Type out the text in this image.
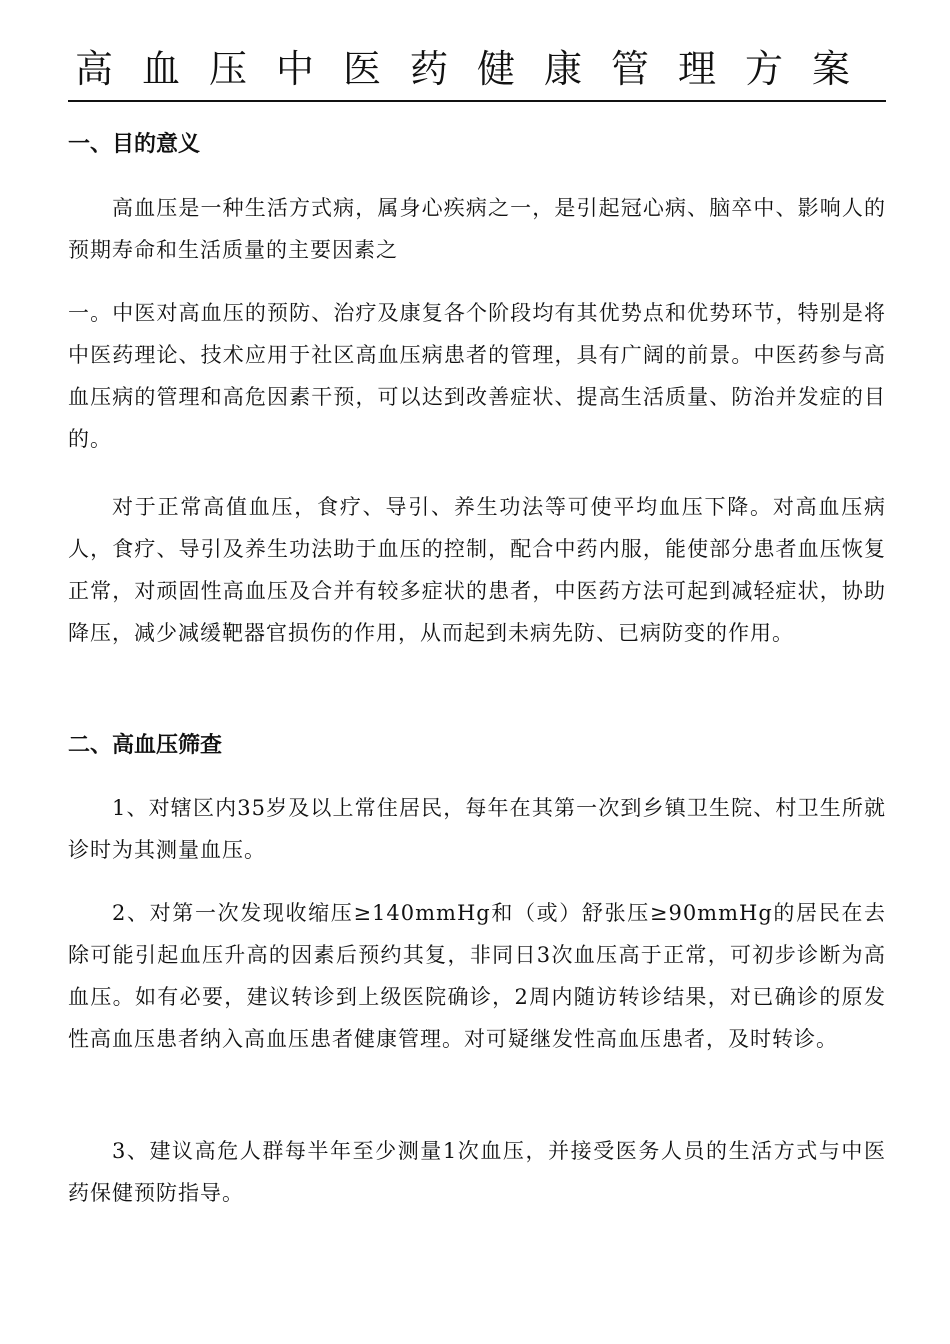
高血压中医药健康管理方案
一、目的意义
高血压是一种生活方式病，属身心疾病之一，是引起冠心病、脑卒中、影响人的预期寿命和生活质量的主要因素之
一。中医对高血压的预防、治疗及康复各个阶段均有其优势点和优势环节，特别是将中医药理论、技术应用于社区高血压病患者的管理，具有广阔的前景。中医药参与高血压病的管理和高危因素干预，可以达到改善症状、提高生活质量、防治并发症的目的。
对于正常高值血压，食疗、导引、养生功法等可使平均血压下降。对高血压病人，食疗、导引及养生功法助于血压的控制，配合中药内服，能使部分患者血压恢复正常，对顽固性高血压及合并有较多症状的患者，中医药方法可起到减轻症状，协助降压，减少减缓靶器官损伤的作用，从而起到未病先防、已病防变的作用。
二、高血压筛查
1、对辖区内35岁及以上常住居民，每年在其第一次到乡镇卫生院、村卫生所就诊时为其测量血压。
2、对第一次发现收缩压≥140mmHg和（或）舒张压≥90mmHg的居民在去除可能引起血压升高的因素后预约其复，非同日3次血压高于正常，可初步诊断为高血压。如有必要，建议转诊到上级医院确诊，2周内随访转诊结果，对已确诊的原发性高血压患者纳入高血压患者健康管理。对可疑继发性高血压患者，及时转诊。
3、建议高危人群每半年至少测量1次血压，并接受医务人员的生活方式与中医药保健预防指导。
